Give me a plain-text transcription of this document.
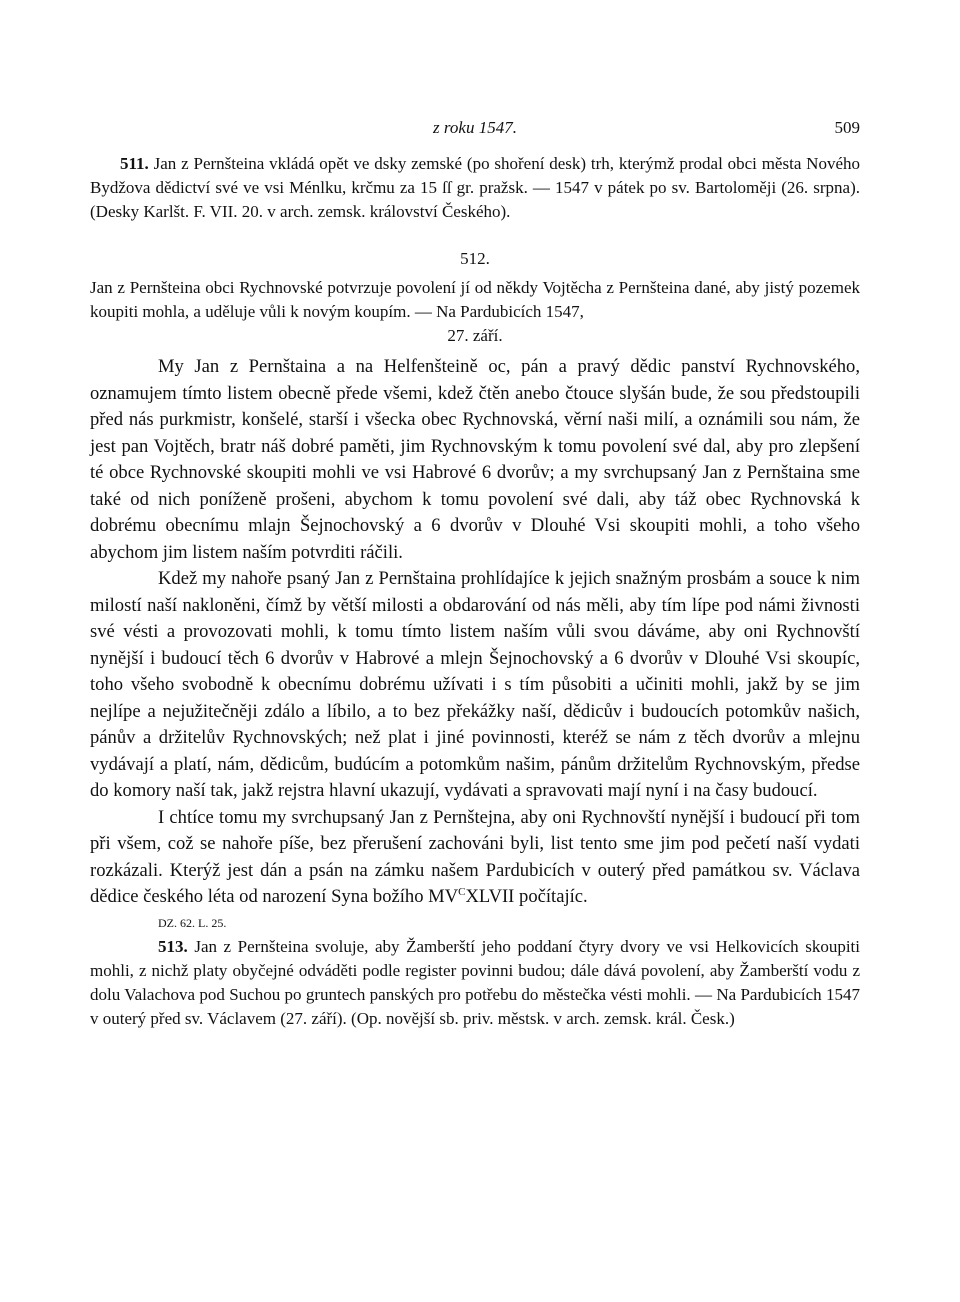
z roku 1547.	509

511. Jan z Pernšteina vkládá opět ve dsky zemské (po shoření desk) trh, kterýmž prodal obci města Nového Bydžova dědictví své ve vsi Ménlku, krčmu za 15 ſſ gr. pražsk. — 1547 v pátek po sv. Bartoloměji (26. srpna). (Desky Karlšt. F. VII. 20. v arch. zemsk. království Českého).

512.
Jan z Pernšteina obci Rychnovské potvrzuje povolení jí od někdy Vojtěcha z Pernšteina dané, aby jistý pozemek koupiti mohla, a uděluje vůli k novým koupím. — Na Pardubicích 1547,
27. září.

My Jan z Pernštaina a na Helfenšteině oc, pán a pravý dědic panství Rychnovského, oznamujem tímto listem obecně přede všemi, kdež čtěn anebo čtouce slyšán bude, že sou předstoupili před nás purkmistr, konšelé, starší i všecka obec Rychnovská, věrní naši milí, a oznámili sou nám, že jest pan Vojtěch, bratr náš dobré paměti, jim Rychnovským k tomu povolení své dal, aby pro zlepšení té obce Rychnovské skoupiti mohli ve vsi Habrové 6 dvorův; a my svrchupsaný Jan z Pernštaina sme také od nich poníženě prošeni, abychom k tomu povolení své dali, aby táž obec Rychnovská k dobrému obecnímu mlajn Šejnochovský a 6 dvorův v Dlouhé Vsi skoupiti mohli, a toho všeho abychom jim listem naším potvrditi ráčili.

Kdež my nahoře psaný Jan z Pernštaina prohlídajíce k jejich snažným prosbám a souce k nim milostí naší nakloněni, čímž by větší milosti a obdarování od nás měli, aby tím lípe pod námi živnosti své vésti a provozovati mohli, k tomu tímto listem naším vůli svou dáváme, aby oni Rychnovští nynější i budoucí těch 6 dvorův v Habrové a mlejn Šejnochovský a 6 dvorův v Dlouhé Vsi skoupíc, toho všeho svobodně k obecnímu dobrému užívati i s tím působiti a učiniti mohli, jakž by se jim nejlípe a nejužitečněji zdálo a líbilo, a to bez překážky naší, dědicův i budoucích potomkův našich, pánův a držitelův Rychnovských; než plat i jiné povinnosti, kteréž se nám z těch dvorův a mlejnu vydávají a platí, nám, dědicům, budúcím a potomkům našim, pánům držitelům Rychnovským, předse do komory naší tak, jakž rejstra hlavní ukazují, vydávati a spravovati mají nyní i na časy budoucí.

I chtíce tomu my svrchupsaný Jan z Pernštejna, aby oni Rychnovští nynější i budoucí při tom při všem, což se nahoře píše, bez přerušení zachováni byli, list tento sme jim pod pečetí naší vydati rozkázali. Kterýž jest dán a psán na zámku našem Pardubicích v outerý před památkou sv. Václava dědice českého léta od narození Syna božího $MV^CXLVII$ počítajíc.

DZ. 62. L. 25.

513. Jan z Pernšteina svoluje, aby Žamberští jeho poddaní čtyry dvory ve vsi Helkovicích skoupiti mohli, z nichž platy obyčejné odváděti podle register povinni budou; dále dává povolení, aby Žamberští vodu z dolu Valachova pod Suchou po gruntech panských pro potřebu do městečka vésti mohli. — Na Pardubicích 1547 v outerý před sv. Václavem (27. září). (Op. novější sb. priv. městsk. v arch. zemsk. král. Česk.)
